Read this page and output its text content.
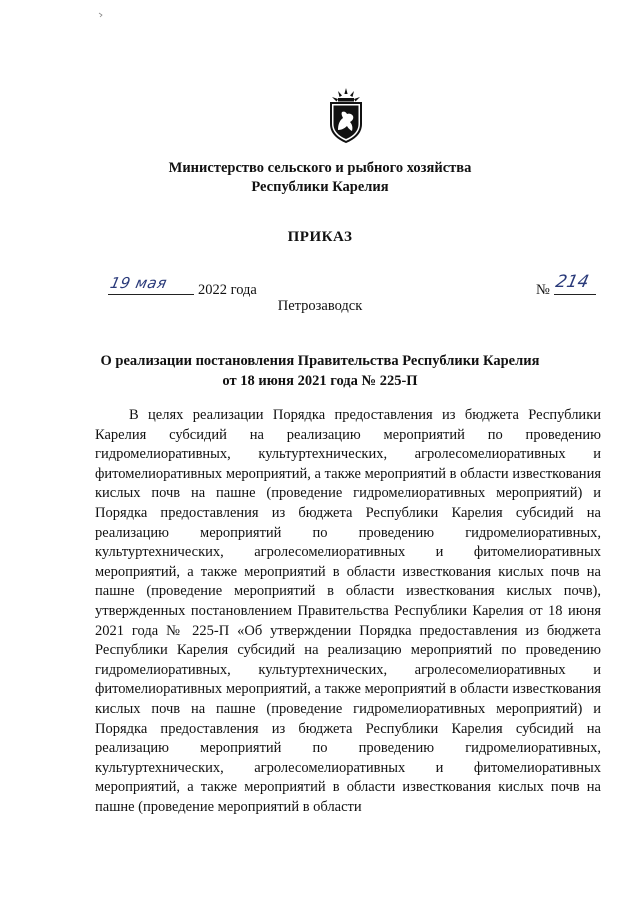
Министерство сельского и рыбного хозяйства
Республики Карелия
ПРИКАЗ
19 мая	2022 года	№ 214
Петрозаводск
О реализации постановления Правительства Республики Карелия
от 18 июня 2021 года № 225-П

В целях реализации Порядка предоставления из бюджета Республики Карелия субсидий на реализацию мероприятий по проведению гидромелиоративных, культуртехнических, агролесомелиоративных и фитомелиоративных мероприятий, а также мероприятий в области известкования кислых почв на пашне (проведение гидромелиоративных мероприятий) и Порядка предоставления из бюджета Республики Карелия субсидий на реализацию мероприятий по проведению гидромелиоративных, культуртехнических, агролесомелиоративных и фитомелиоративных мероприятий, а также мероприятий в области известкования кислых почв на пашне (проведение мероприятий в области известкования кислых почв), утвержденных постановлением Правительства Республики Карелия от 18 июня 2021 года № 225-П «Об утверждении Порядка предоставления из бюджета Республики Карелия субсидий на реализацию мероприятий по проведению гидромелиоративных, культуртехнических, агролесомелиоративных и фитомелиоративных мероприятий, а также мероприятий в области известкования кислых почв на пашне (проведение гидромелиоративных мероприятий) и Порядка предоставления из бюджета Республики Карелия субсидий на реализацию мероприятий по проведению гидромелиоративных, культуртехнических, агролесомелиоративных и фитомелиоративных мероприятий, а также мероприятий в области известкования кислых почв на пашне (проведение мероприятий в области
